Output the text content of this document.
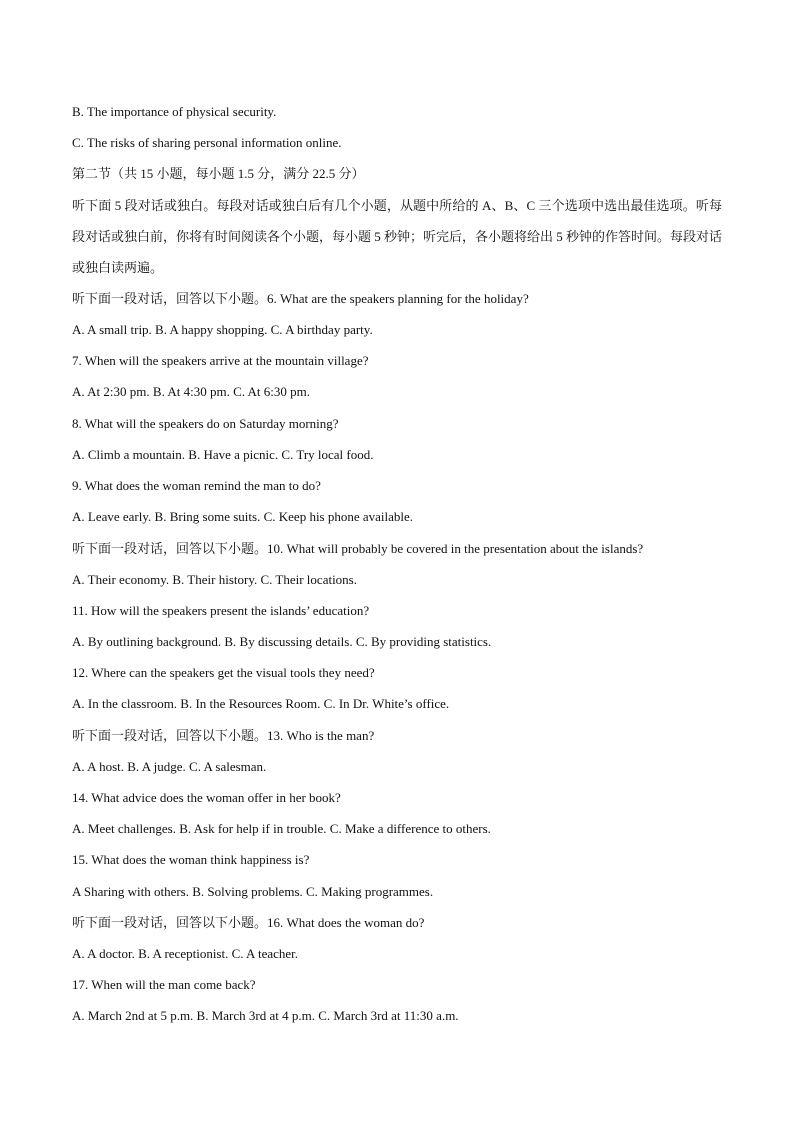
B. The importance of physical security.
C. The risks of sharing personal information online.
第二节（共 15 小题，每小题 1.5 分，满分 22.5 分）
听下面 5 段对话或独白。每段对话或独白后有几个小题，从题中所给的 A、B、C 三个选项中选出最佳选项。听每段对话或独白前，你将有时间阅读各个小题，每小题 5 秒钟；听完后，各小题将给出 5 秒钟的作答时间。每段对话或独白读两遍。
听下面一段对话，回答以下小题。6. What are the speakers planning for the holiday?
A. A small trip. B. A happy shopping. C. A birthday party.
7. When will the speakers arrive at the mountain village?
A. At 2:30 pm. B. At 4:30 pm. C. At 6:30 pm.
8. What will the speakers do on Saturday morning?
A. Climb a mountain. B. Have a picnic. C. Try local food.
9. What does the woman remind the man to do?
A. Leave early. B. Bring some suits. C. Keep his phone available.
听下面一段对话，回答以下小题。10. What will probably be covered in the presentation about the islands?
A. Their economy. B. Their history. C. Their locations.
11. How will the speakers present the islands’ education?
A. By outlining background. B. By discussing details. C. By providing statistics.
12. Where can the speakers get the visual tools they need?
A. In the classroom. B. In the Resources Room. C. In Dr. White’s office.
听下面一段对话，回答以下小题。13. Who is the man?
A. A host. B. A judge. C. A salesman.
14. What advice does the woman offer in her book?
A. Meet challenges. B. Ask for help if in trouble. C. Make a difference to others.
15. What does the woman think happiness is?
A Sharing with others. B. Solving problems. C. Making programmes.
听下面一段对话，回答以下小题。16. What does the woman do?
A. A doctor. B. A receptionist. C. A teacher.
17. When will the man come back?
A. March 2nd at 5 p.m. B. March 3rd at 4 p.m. C. March 3rd at 11:30 a.m.
